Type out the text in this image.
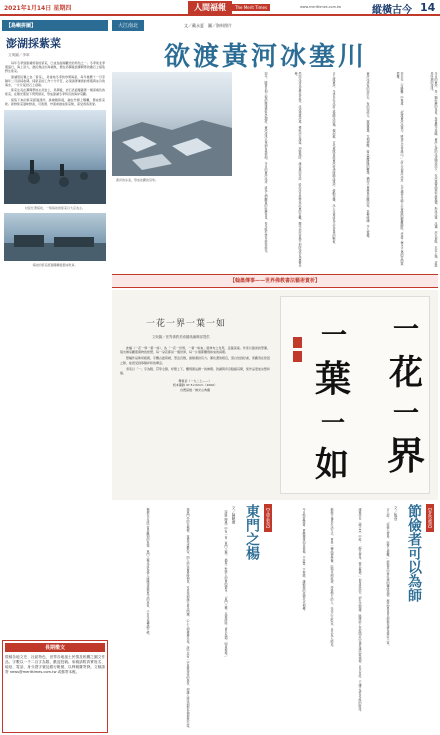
2021年1月14日 星期四	人間福報	The Merit Times	www.merittimes.com.tw	縱橫古今 14
【島嶼拼圖】
澎湖採紫菜
文與圖／李軍

每年冬季到澎湖遊客的紫菜，已成為澎湖觀光的特色之一。冬季東北季風盛行，海上浪大，漁民無法出海捕魚，便在退潮後到潮間帶的礁石上採集野生紫菜。

澎湖居民稱之為「紫菜」，是當地冬季的珍貴海產，每年農曆十一月至隔年二月是採收期。採紫菜的工作十分辛苦，必須頂著凜冽的寒風與冰冷的海水，一片片從岩石上刮取。

紫菜生長在潮間帶的玄武岩上，退潮後，岩石表面覆蓋著一層深褐色的紫菜，在陽光照射下閃閃發亮，形成澎湖冬季特有的海岸景觀。

採集下來的紫菜經過清洗、挑揀雜質後，鋪在竹篩上曝曬，製成紫菜乾。新鮮紫菜滋味鮮美，可煮湯、炒蛋或做成紫菜餅，深受遊客喜愛。

村民忙著採收，一般採收的紫菜以大宗為主。
採收的紫菜經過曝曬後製成乾貨。
長期徵文

徵稿各地文史、社區特色、世界各地風土民情及相關之圖文作品，字數以一千二百字為限，歡迎投稿。來稿請附真實姓名、地址、電話、身分證字號及銀行帳號，以利稿費寄發。文稿請寄 news@merittimes.com.tw 或郵寄本報。

大江南北	文／戴永夏　圖／資料照片
欲渡黃河冰塞川
黃河的冰凌，形成壯觀的景象。	冬日的黃河，是一幅壯麗的景象。每當嚴冬來臨，黃河上游的冰凌順流而下，在河道彎曲狹窄處堆積，形成冰塞、冰壩，河水被阻，水位上漲，這就是所謂的凌汛。
李白在〈行路難〉中寫道：「欲渡黃河冰塞川，將登太行雪滿山。」詩人以黃河冰封、太行積雪比喻人生道路的艱難險阻，抒發了懷才不遇的苦悶與憤慨。
黃河冰凌有的如巨石，有的如碎玉，層層疊疊，互相擠壓，發出轟隆隆的響聲，猶如千軍萬馬奔騰而來，氣勢磅礴，令人震撼。
古人渡黃河，冬季多在冰封之後踏冰而過。據記載，古代軍隊常趁黃河封凍時踏冰渡河，發動突襲，冰上行軍成為兵家常用的戰術。
然而冰凌也常帶來災害。冰凌堵塞河道，導致河水漫溢，沖毀堤防，淹沒農田村莊，給沿岸百姓帶來沉重的災難。歷代治河者無不把防凌作為重要任務。
如今，隨著水利工程的興建與科學調度，黃河凌汛已得到有效控制。冬日的黃河冰凌，成為人們觀賞的壯麗奇景，每年吸引眾多遊客前往。
【翰墨傳事——世界佛教書法藝術賞析】
一花一界一葉一如
文與圖／世界佛教美術圖典編輯部提供

此幅《一花一界一葉一如》，為「一花一世界，一葉一如來」經典句之化用，意蘊深遠。作者以簡淡的筆墨，寫出佛家觀照萬物的智慧，每一朵花都是一個世界，每一片葉都體現如來的真理。

整幅作品佈局疏朗，字體古拙質樸，筆意沉穩，線條遒勁有力。墨色濃淡相宜，留白恰到好處，使觀者在欣賞之際，能感受到寧靜祥和的禪意。

書家以「一」字為眼，貫穿全篇，呼應上下，體現萬法歸一的佛理。款識與印章點綴其間，使作品更加完整和諧。

釋星雲（一九二七——）
紙本墨跡 47.5×32cm（2000）
台灣高雄／佛光山典藏

一
花
一
界
一
葉
一
如
【文學新苑】
東門之楊
文／陳曉俊
《詩經·陳風》中有一首〈東門之楊〉，描寫一對戀人約會的情景：「東門之楊，其葉牂牂。昏以為期，明星煌煌。」
城東門外的白楊樹，枝葉茂盛繁密。兩人約定黃昏時相見，可是等到滿天星光閃爍，心上人卻遲遲未來。詩中沒有一字直寫等待的焦急，卻讓人感受到那份惆悵與失落。
楊樹在古詩中常是離別的象徵，東門之楊也成為後人詠嘆等候與思念的意象，千百年來傳誦不絕。	【春秋論譚】
節儉者可以為師
文／殷登
古人說：「由儉入奢易，由奢入儉難。」節儉是中華民族的傳統美德，歷代賢者皆以節儉為修身齊家之本。
諸葛亮在〈誡子書〉中說：「靜以修身，儉以養德。」他身居高位，卻生活簡樸，臨終前上表說明家中僅有薄田與桑樹，足以自給，不讓子孫有多餘的財產。
節儉不僅是生活方式，更是一種品德修養。能夠克制欲望、珍惜物力的人，往往心志堅定，足以為人師表。
今日物質豐富，更應懂得知足惜福，不浪費、不奢靡，讓節儉的美德代代相傳。
